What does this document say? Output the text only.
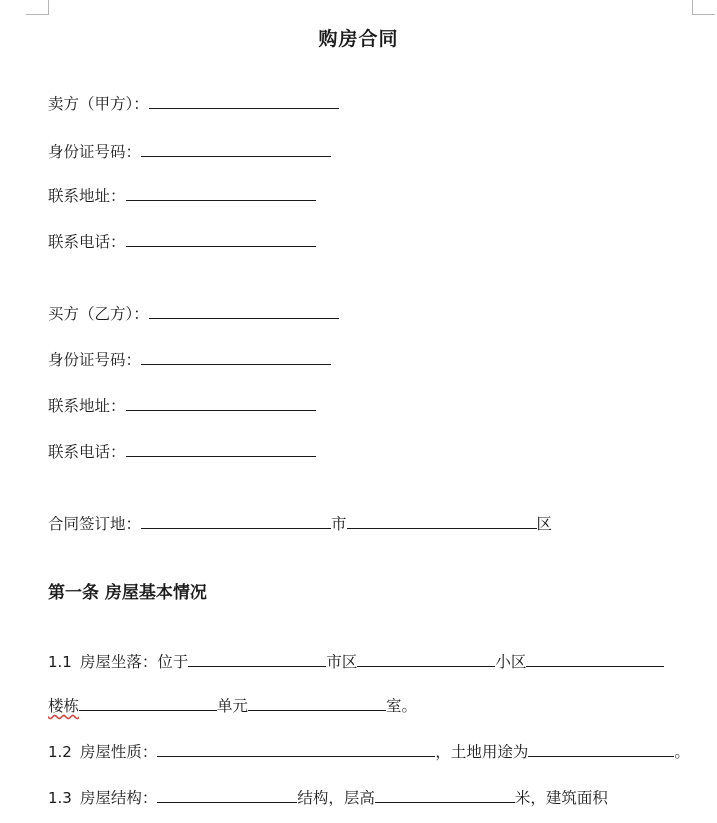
购房合同
卖方（甲方）：
身份证号码：
联系地址：
联系电话：
买方（乙方）：
身份证号码：
联系地址：
联系电话：
合同签订地：	市	区
第一条 房屋基本情况
1.1 房屋坐落：位于	市区	小区
楼栋	单元	室。
1.2 房屋性质：	，土地用途为	。
1.3 房屋结构：	结构，层高	米，建筑面积
